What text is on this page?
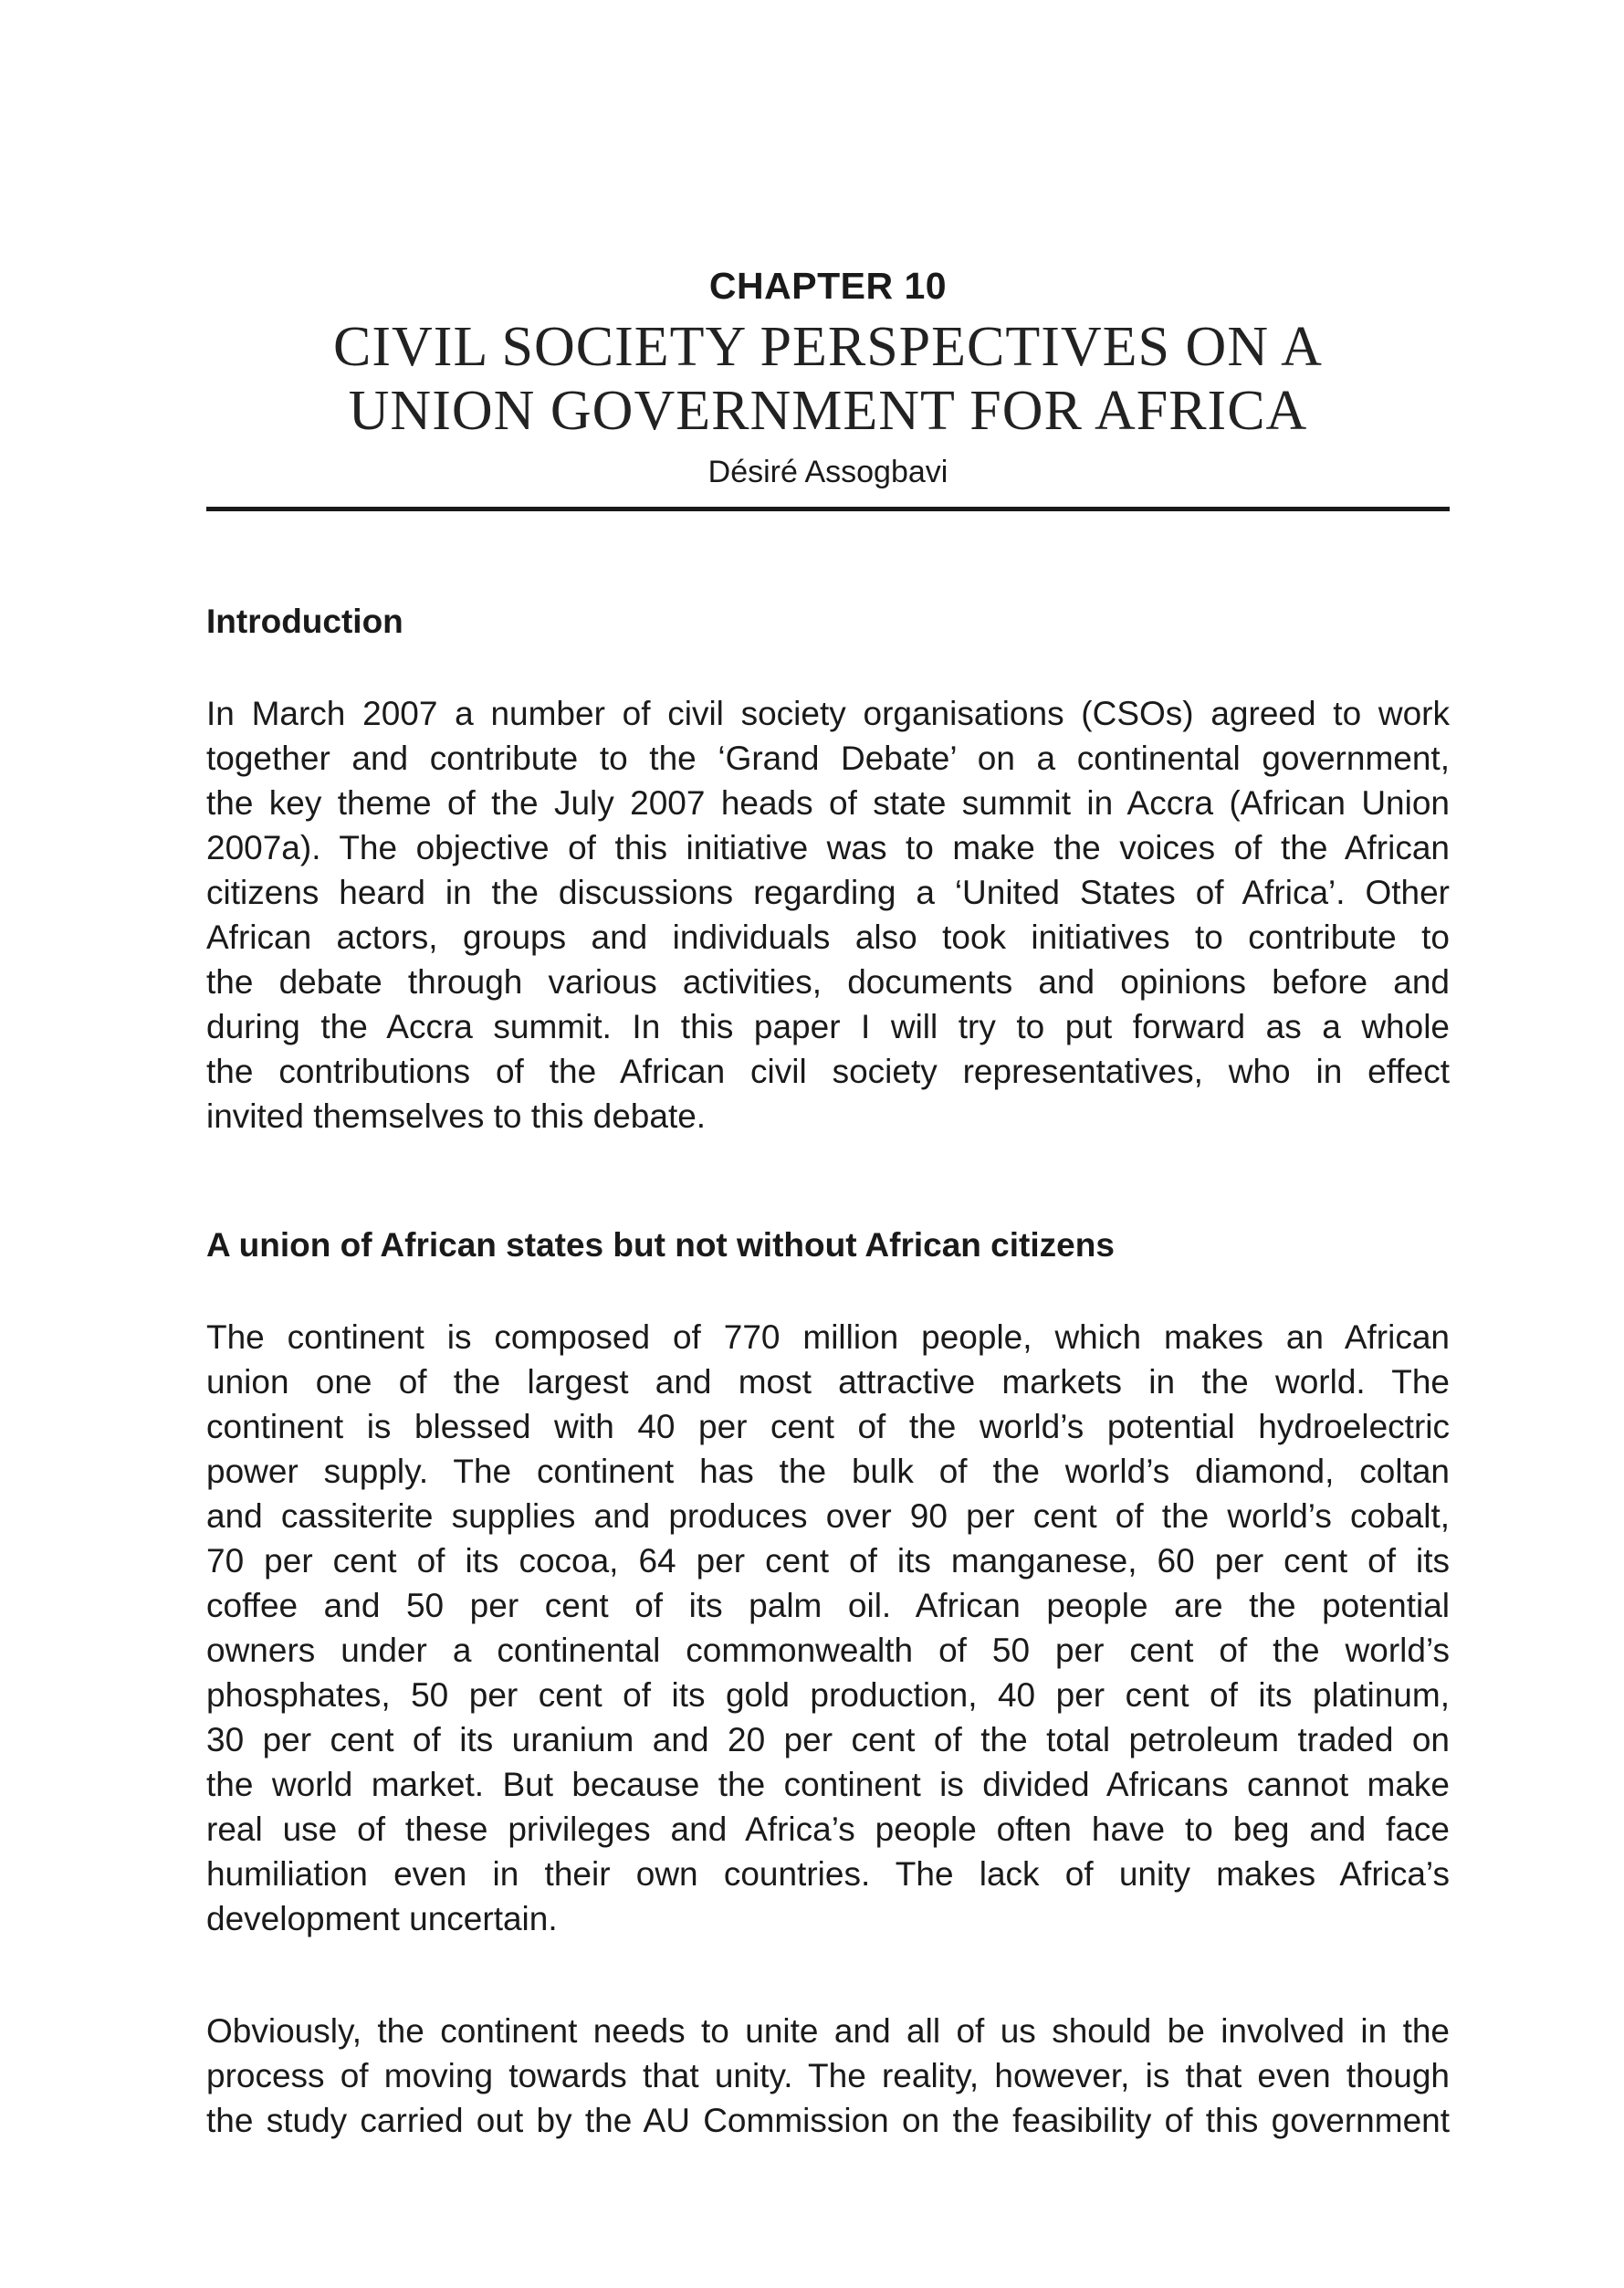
CHAPTER 10
CIVIL SOCIETY PERSPECTIVES ON A
UNION GOVERNMENT FOR AFRICA
Désiré Assogbavi
Introduction
In March 2007 a number of civil society organisations (CSOs) agreed to work
together and contribute to the ‘Grand Debate’ on a continental government,
the key theme of the July 2007 heads of state summit in Accra (African Union
2007a). The objective of this initiative was to make the voices of the African
citizens heard in the discussions regarding a ‘United States of Africa’. Other
African actors, groups and individuals also took initiatives to contribute to
the debate through various activities, documents and opinions before and
during the Accra summit. In this paper I will try to put forward as a whole
the contributions of the African civil society representatives, who in effect
invited themselves to this debate.
A union of African states but not without African citizens
The continent is composed of 770 million people, which makes an African
union one of the largest and most attractive markets in the world. The
continent is blessed with 40 per cent of the world’s potential hydroelectric
power supply. The continent has the bulk of the world’s diamond, coltan
and cassiterite supplies and produces over 90 per cent of the world’s cobalt,
70 per cent of its cocoa, 64 per cent of its manganese, 60 per cent of its
coffee and 50 per cent of its palm oil. African people are the potential
owners under a continental commonwealth of 50 per cent of the world’s
phosphates, 50 per cent of its gold production, 40 per cent of its platinum,
30 per cent of its uranium and 20 per cent of the total petroleum traded on
the world market. But because the continent is divided Africans cannot make
real use of these privileges and Africa’s people often have to beg and face
humiliation even in their own countries. The lack of unity makes Africa’s
development uncertain.
Obviously, the continent needs to unite and all of us should be involved in the
process of moving towards that unity. The reality, however, is that even though
the study carried out by the AU Commission on the feasibility of this government
